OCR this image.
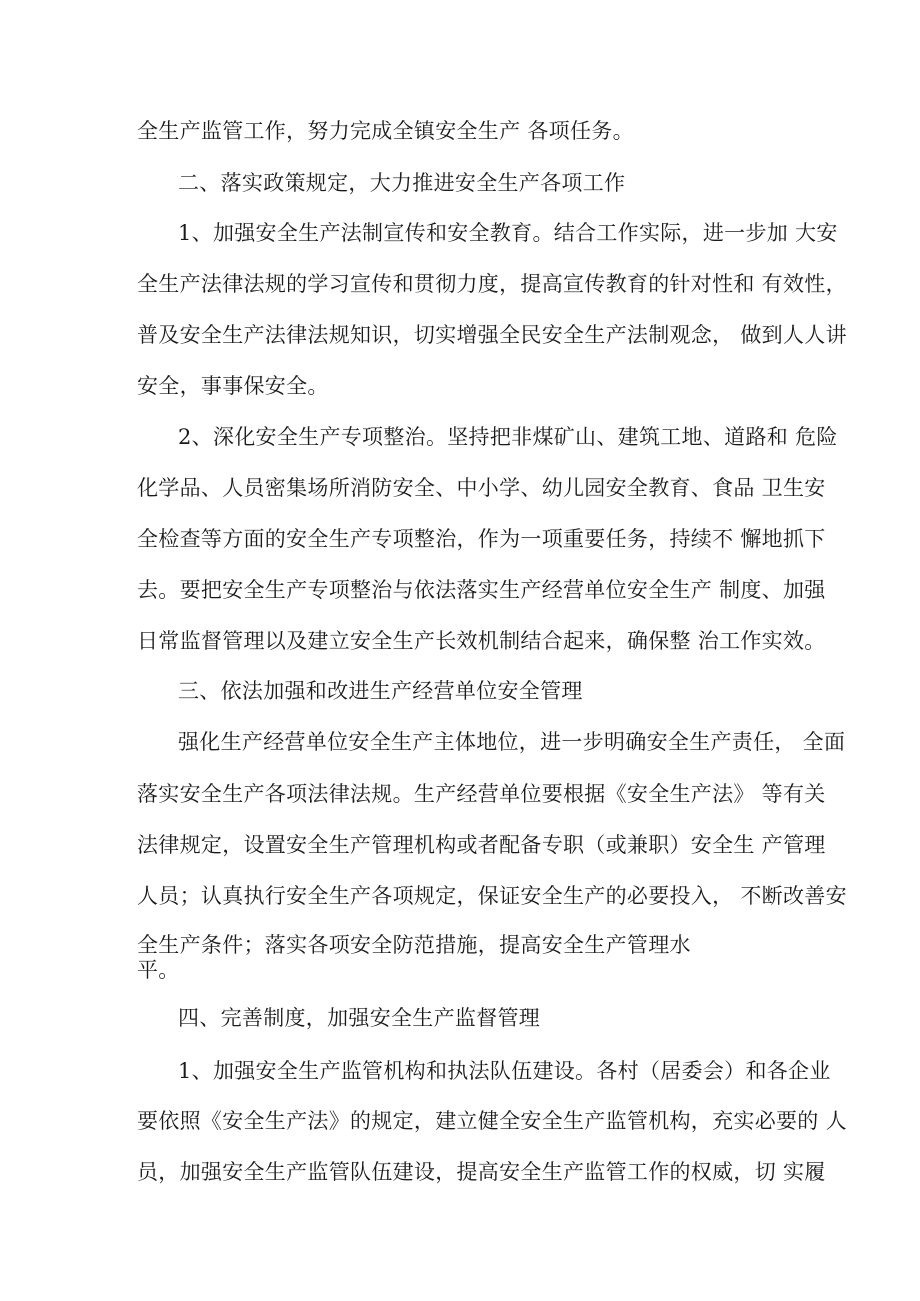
全生产监管工作，努力完成全镇安全生产 各项任务。
二、落实政策规定，大力推进安全生产各项工作
1、加强安全生产法制宣传和安全教育。结合工作实际，进一步加 大安
全生产法律法规的学习宣传和贯彻力度，提高宣传教育的针对性和 有效性，
普及安全生产法律法规知识，切实增强全民安全生产法制观念， 做到人人讲
安全，事事保安全。
2、深化安全生产专项整治。坚持把非煤矿山、建筑工地、道路和 危险
化学品、人员密集场所消防安全、中小学、幼儿园安全教育、食品 卫生安
全检查等方面的安全生产专项整治，作为一项重要任务，持续不 懈地抓下
去。要把安全生产专项整治与依法落实生产经营单位安全生产 制度、加强
日常监督管理以及建立安全生产长效机制结合起来，确保整 治工作实效。
三、依法加强和改进生产经营单位安全管理
强化生产经营单位安全生产主体地位，进一步明确安全生产责任， 全面
落实安全生产各项法律法规。生产经营单位要根据《安全生产法》 等有关
法律规定，设置安全生产管理机构或者配备专职（或兼职）安全生 产管理
人员；认真执行安全生产各项规定，保证安全生产的必要投入， 不断改善安
全生产条件；落实各项安全防范措施，提高安全生产管理水
平。
四、完善制度，加强安全生产监督管理
1、加强安全生产监管机构和执法队伍建设。各村（居委会）和各企业
要依照《安全生产法》的规定，建立健全安全生产监管机构，充实必要的 人
员，加强安全生产监管队伍建设，提高安全生产监管工作的权威，切 实履
